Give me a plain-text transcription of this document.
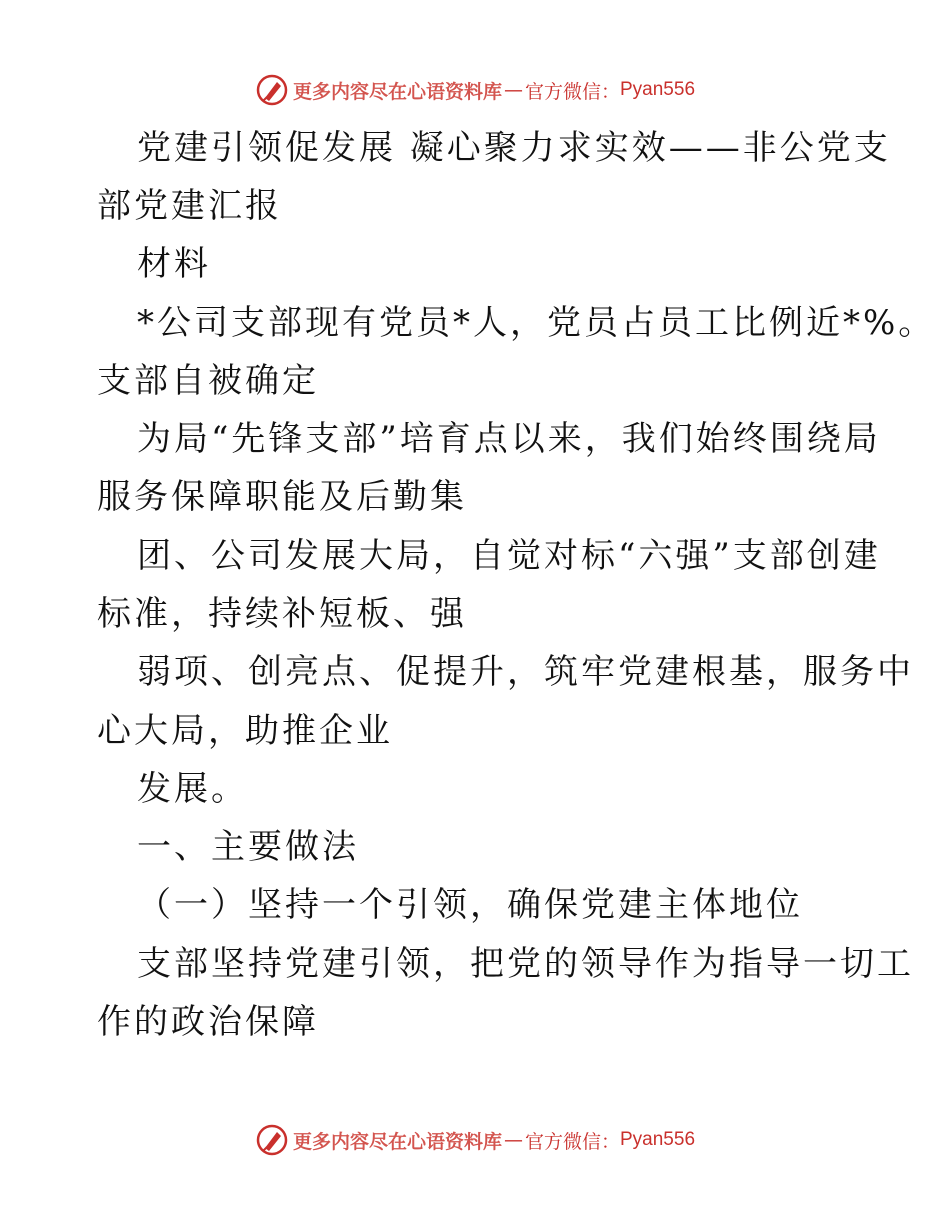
更多内容尽在心语资料库 — 官方微信： Pyan556
党建引领促发展 凝心聚力求实效——非公党支
部党建汇报
材料
*公司支部现有党员*人，党员占员工比例近*%。
支部自被确定
为局“先锋支部”培育点以来，我们始终围绕局
服务保障职能及后勤集
团、公司发展大局，自觉对标“六强”支部创建
标准，持续补短板、强
弱项、创亮点、促提升，筑牢党建根基，服务中
心大局，助推企业
发展。
一、主要做法
（一）坚持一个引领，确保党建主体地位
支部坚持党建引领，把党的领导作为指导一切工
作的政治保障
更多内容尽在心语资料库 — 官方微信： Pyan556
